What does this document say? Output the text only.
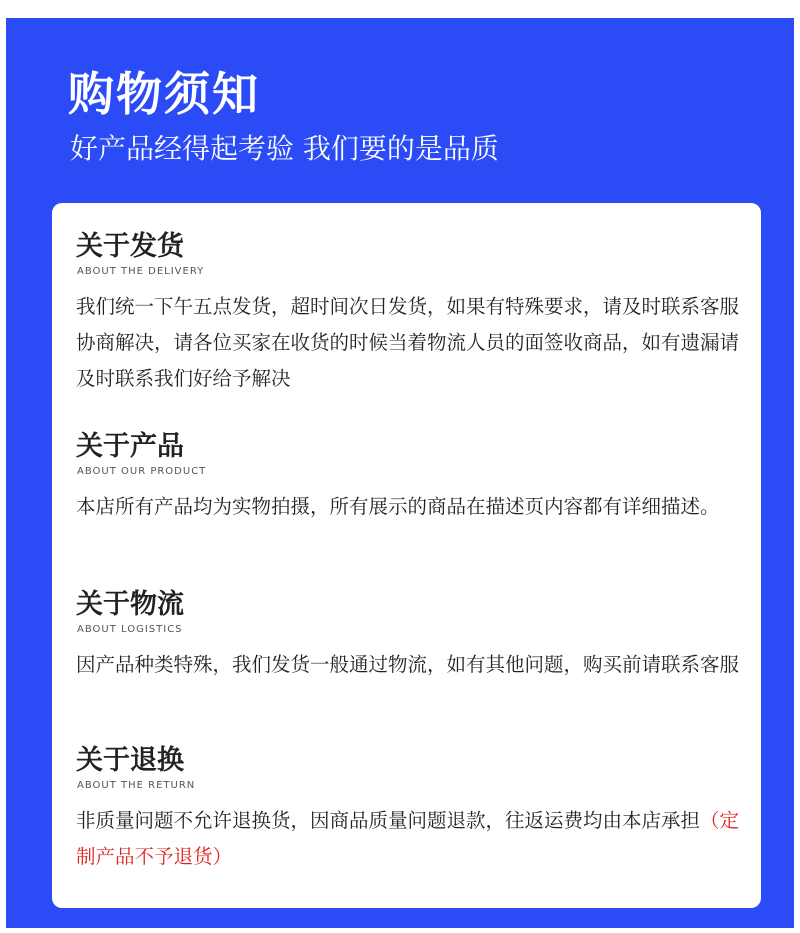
购物须知

好产品经得起考验 我们要的是品质

关于发货

ABOUT THE DELIVERY

我们统一下午五点发货，超时间次日发货，如果有特殊要求，请及时联系客服协商解决，请各位买家在收货的时候当着物流人员的面签收商品，如有遗漏请及时联系我们好给予解决

关于产品

ABOUT OUR PRODUCT

本店所有产品均为实物拍摄，所有展示的商品在描述页内容都有详细描述。

关于物流

ABOUT LOGISTICS

因产品种类特殊，我们发货一般通过物流，如有其他问题，购买前请联系客服

关于退换

ABOUT THE RETURN

非质量问题不允许退换货，因商品质量问题退款，往返运费均由本店承担（定制产品不予退货）
